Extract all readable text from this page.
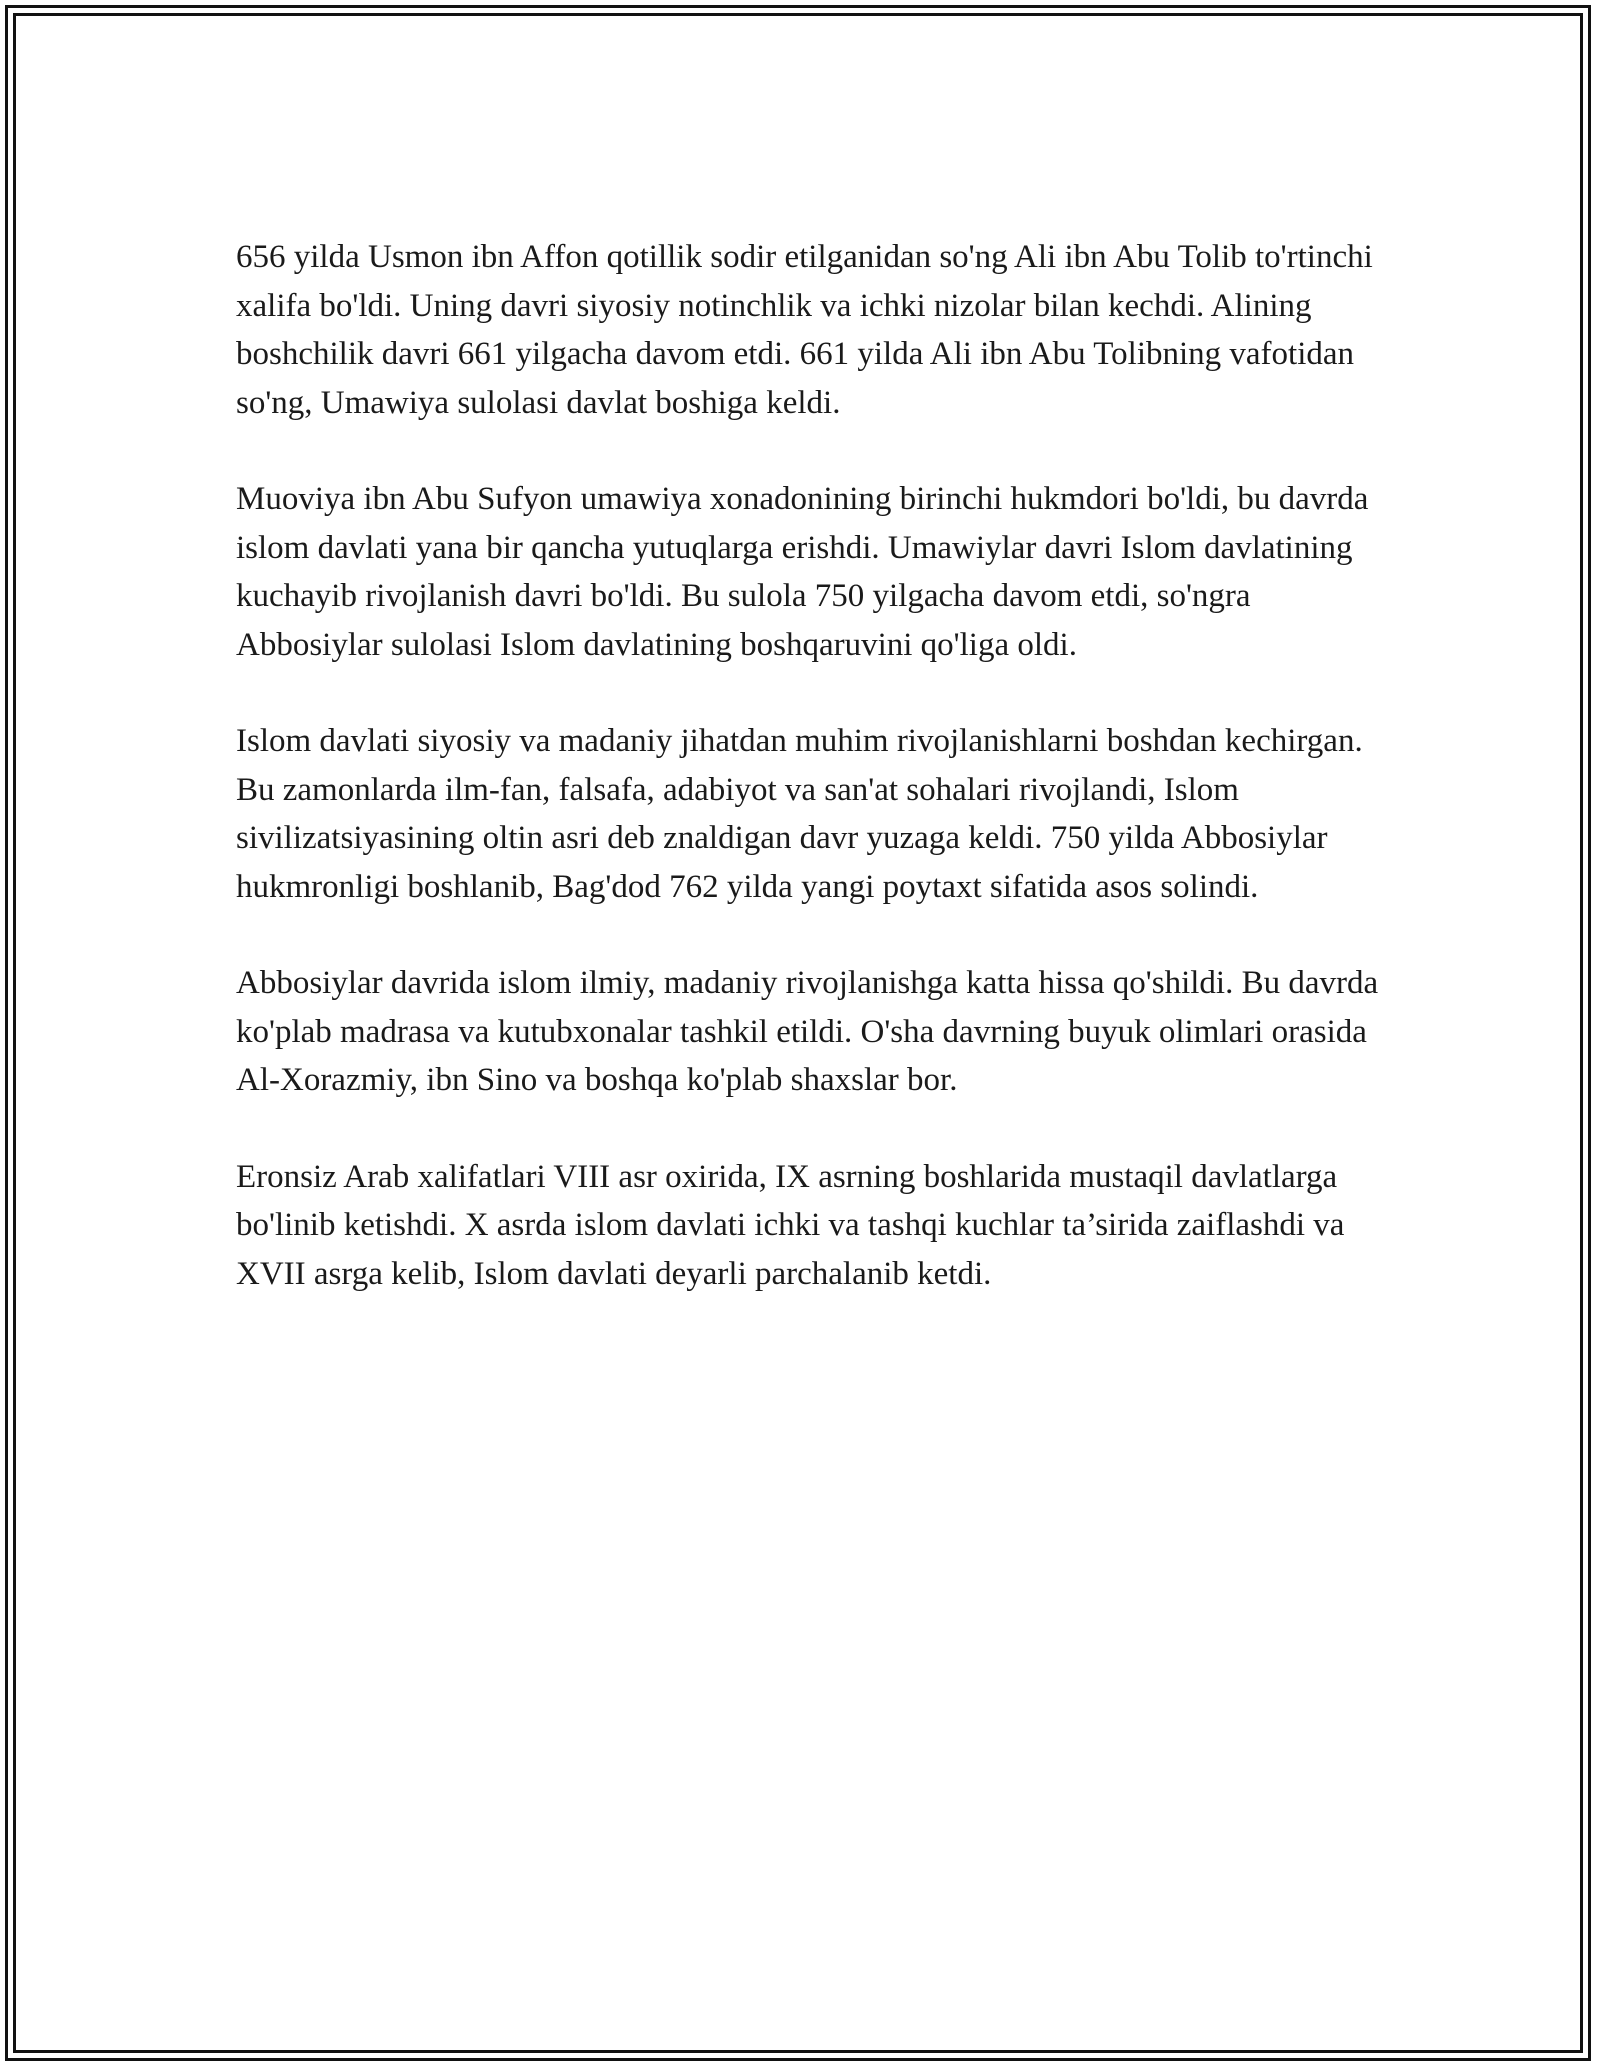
656 yilda Usmon ibn Affon qotillik sodir etilganidan so'ng Ali ibn Abu Tolib to'rtinchi xalifa bo'ldi. Uning davri siyosiy notinchlik va ichki nizolar bilan kechdi. Alining boshchilik davri 661 yilgacha davom etdi. 661 yilda Ali ibn Abu Tolibning vafotidan so'ng, Umawiya sulolasi davlat boshiga keldi.

Muoviya ibn Abu Sufyon umawiya xonadonining birinchi hukmdori bo'ldi, bu davrda islom davlati yana bir qancha yutuqlarga erishdi. Umawiylar davri Islom davlatining kuchayib rivojlanish davri bo'ldi. Bu sulola 750 yilgacha davom etdi, so'ngra Abbosiylar sulolasi Islom davlatining boshqaruvini qo'liga oldi.

Islom davlati siyosiy va madaniy jihatdan muhim rivojlanishlarni boshdan kechirgan. Bu zamonlarda ilm-fan, falsafa, adabiyot va san'at sohalari rivojlandi, Islom sivilizatsiyasining oltin asri deb znaldigan davr yuzaga keldi. 750 yilda Abbosiylar hukmronligi boshlanib, Bag'dod 762 yilda yangi poytaxt sifatida asos solindi.

Abbosiylar davrida islom ilmiy, madaniy rivojlanishga katta hissa qo'shildi. Bu davrda ko'plab madrasa va kutubxonalar tashkil etildi. O'sha davrning buyuk olimlari orasida Al-Xorazmiy, ibn Sino va boshqa ko'plab shaxslar bor.

Eronsiz Arab xalifatlari VIII asr oxirida, IX asrning boshlarida mustaqil davlatlarga bo'linib ketishdi. X asrda islom davlati ichki va tashqi kuchlar ta’sirida zaiflashdi va XVII asrga kelib, Islom davlati deyarli parchalanib ketdi.
